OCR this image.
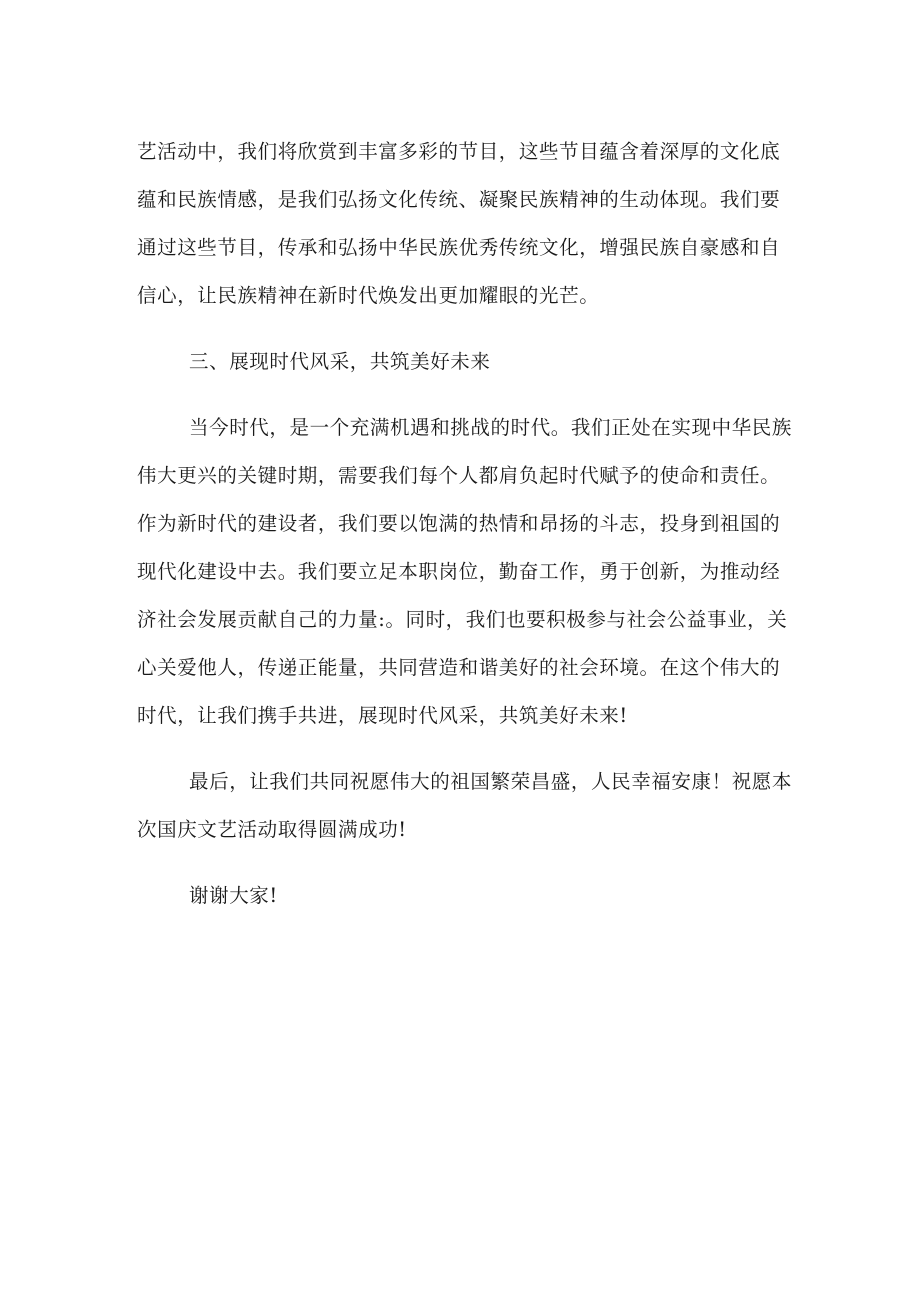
艺活动中，我们将欣赏到丰富多彩的节目，这些节目蕴含着深厚的文化底
蕴和民族情感，是我们弘扬文化传统、凝聚民族精神的生动体现。我们要
通过这些节目，传承和弘扬中华民族优秀传统文化，增强民族自豪感和自
信心，让民族精神在新时代焕发出更加耀眼的光芒。

三、展现时代风采，共筑美好未来

当今时代，是一个充满机遇和挑战的时代。我们正处在实现中华民族
伟大更兴的关键时期，需要我们每个人都肩负起时代赋予的使命和责任。
作为新时代的建设者，我们要以饱满的热情和昂扬的斗志，投身到祖国的
现代化建设中去。我们要立足本职岗位，勤奋工作，勇于创新，为推动经
济社会发展贡献自己的力量:。同时，我们也要积极参与社会公益事业，关
心关爱他人，传递正能量，共同营造和谐美好的社会环境。在这个伟大的
时代，让我们携手共进，展现时代风采，共筑美好未来!

最后，让我们共同祝愿伟大的祖国繁荣昌盛，人民幸福安康！祝愿本
次国庆文艺活动取得圆满成功!

谢谢大家!
